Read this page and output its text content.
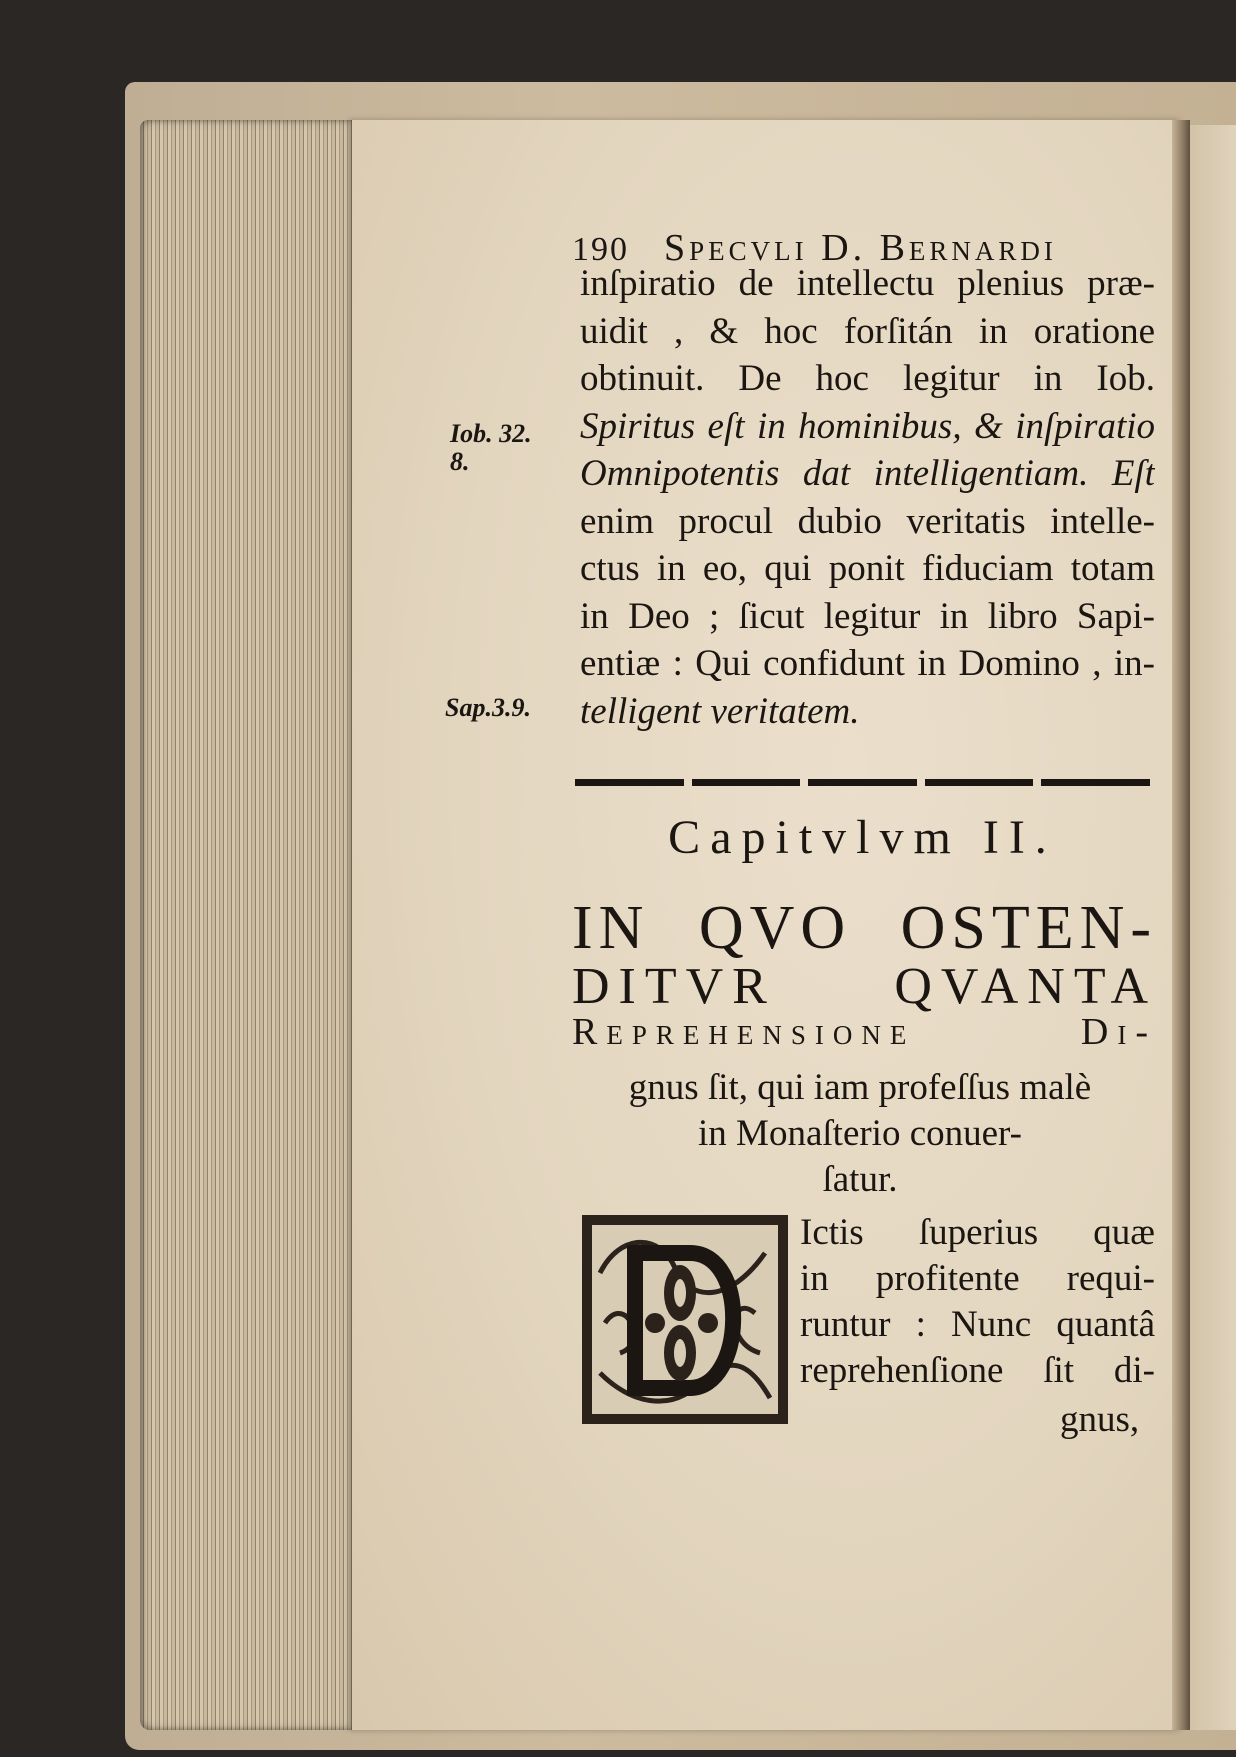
190 Specvli D. Bernardi
inſpiratio de intellectu plenius præ-
uidit , & hoc forſitán in oratione
obtinuit. De hoc legitur in Iob.
Spiritus eſt in hominibus, & inſpiratio
Omnipotentis dat intelligentiam. Eſt
enim procul dubio veritatis intelle-
ctus in eo, qui ponit fiduciam totam
in Deo ; ſicut legitur in libro Sapi-
entiæ : Qui confidunt in Domino , in-
telligent veritatem.
Iob. 32.
8.
Sap.3.9.
Capitvlvm II.
IN QVO OSTEN-
DITVR QVANTA
Reprehensione Di-
gnus ſit, qui iam profeſſus malè
in Monaſterio conuer-
ſatur.
Ictis ſuperius quæ
in profitente requi-
runtur : Nunc quantâ
reprehenſione ſit di-
gnus,
